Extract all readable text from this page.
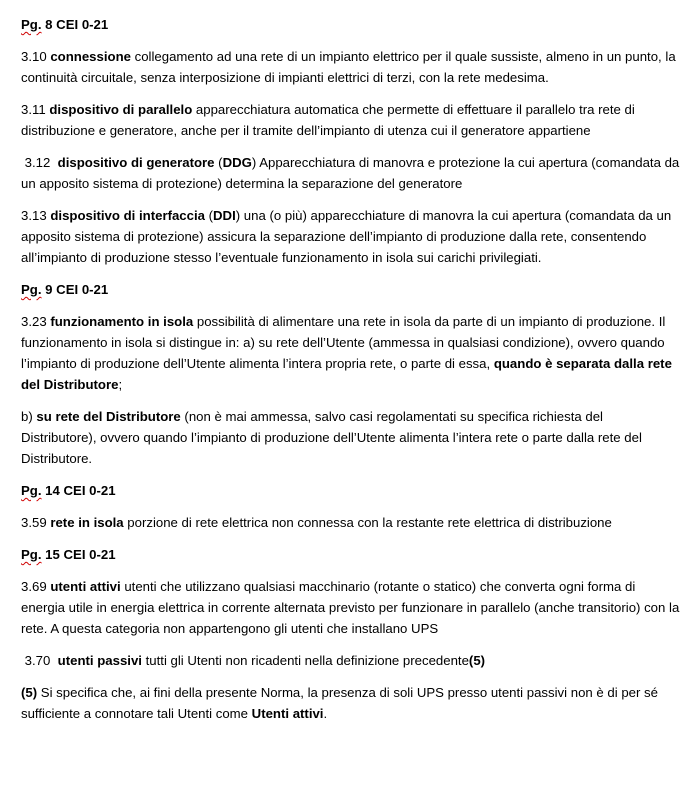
Pg. 8 CEI 0-21

3.10 connessione collegamento ad una rete di un impianto elettrico per il quale sussiste, almeno in un punto, la continuità circuitale, senza interposizione di impianti elettrici di terzi, con la rete medesima.

3.11 dispositivo di parallelo apparecchiatura automatica che permette di effettuare il parallelo tra rete di distribuzione e generatore, anche per il tramite dell’impianto di utenza cui il generatore appartiene

3.12  dispositivo di generatore (DDG) Apparecchiatura di manovra e protezione la cui apertura (comandata da un apposito sistema di protezione) determina la separazione del generatore

3.13 dispositivo di interfaccia (DDI) una (o più) apparecchiature di manovra la cui apertura (comandata da un apposito sistema di protezione) assicura la separazione dell’impianto di produzione dalla rete, consentendo all’impianto di produzione stesso l’eventuale funzionamento in isola sui carichi privilegiati.

Pg. 9 CEI 0-21

3.23 funzionamento in isola possibilità di alimentare una rete in isola da parte di un impianto di produzione. Il funzionamento in isola si distingue in: a) su rete dell’Utente (ammessa in qualsiasi condizione), ovvero quando l’impianto di produzione dell’Utente alimenta l’intera propria rete, o parte di essa, quando è separata dalla rete del Distributore;

b) su rete del Distributore (non è mai ammessa, salvo casi regolamentati su specifica richiesta del Distributore), ovvero quando l’impianto di produzione dell’Utente alimenta l’intera rete o parte dalla rete del Distributore.

Pg. 14 CEI 0-21

3.59 rete in isola porzione di rete elettrica non connessa con la restante rete elettrica di distribuzione

Pg. 15 CEI 0-21

3.69 utenti attivi utenti che utilizzano qualsiasi macchinario (rotante o statico) che converta ogni forma di energia utile in energia elettrica in corrente alternata previsto per funzionare in parallelo (anche transitorio) con la rete. A questa categoria non appartengono gli utenti che installano UPS

3.70  utenti passivi tutti gli Utenti non ricadenti nella definizione precedente(5)

(5) Si specifica che, ai fini della presente Norma, la presenza di soli UPS presso utenti passivi non è di per sé sufficiente a connotare tali Utenti come Utenti attivi.
